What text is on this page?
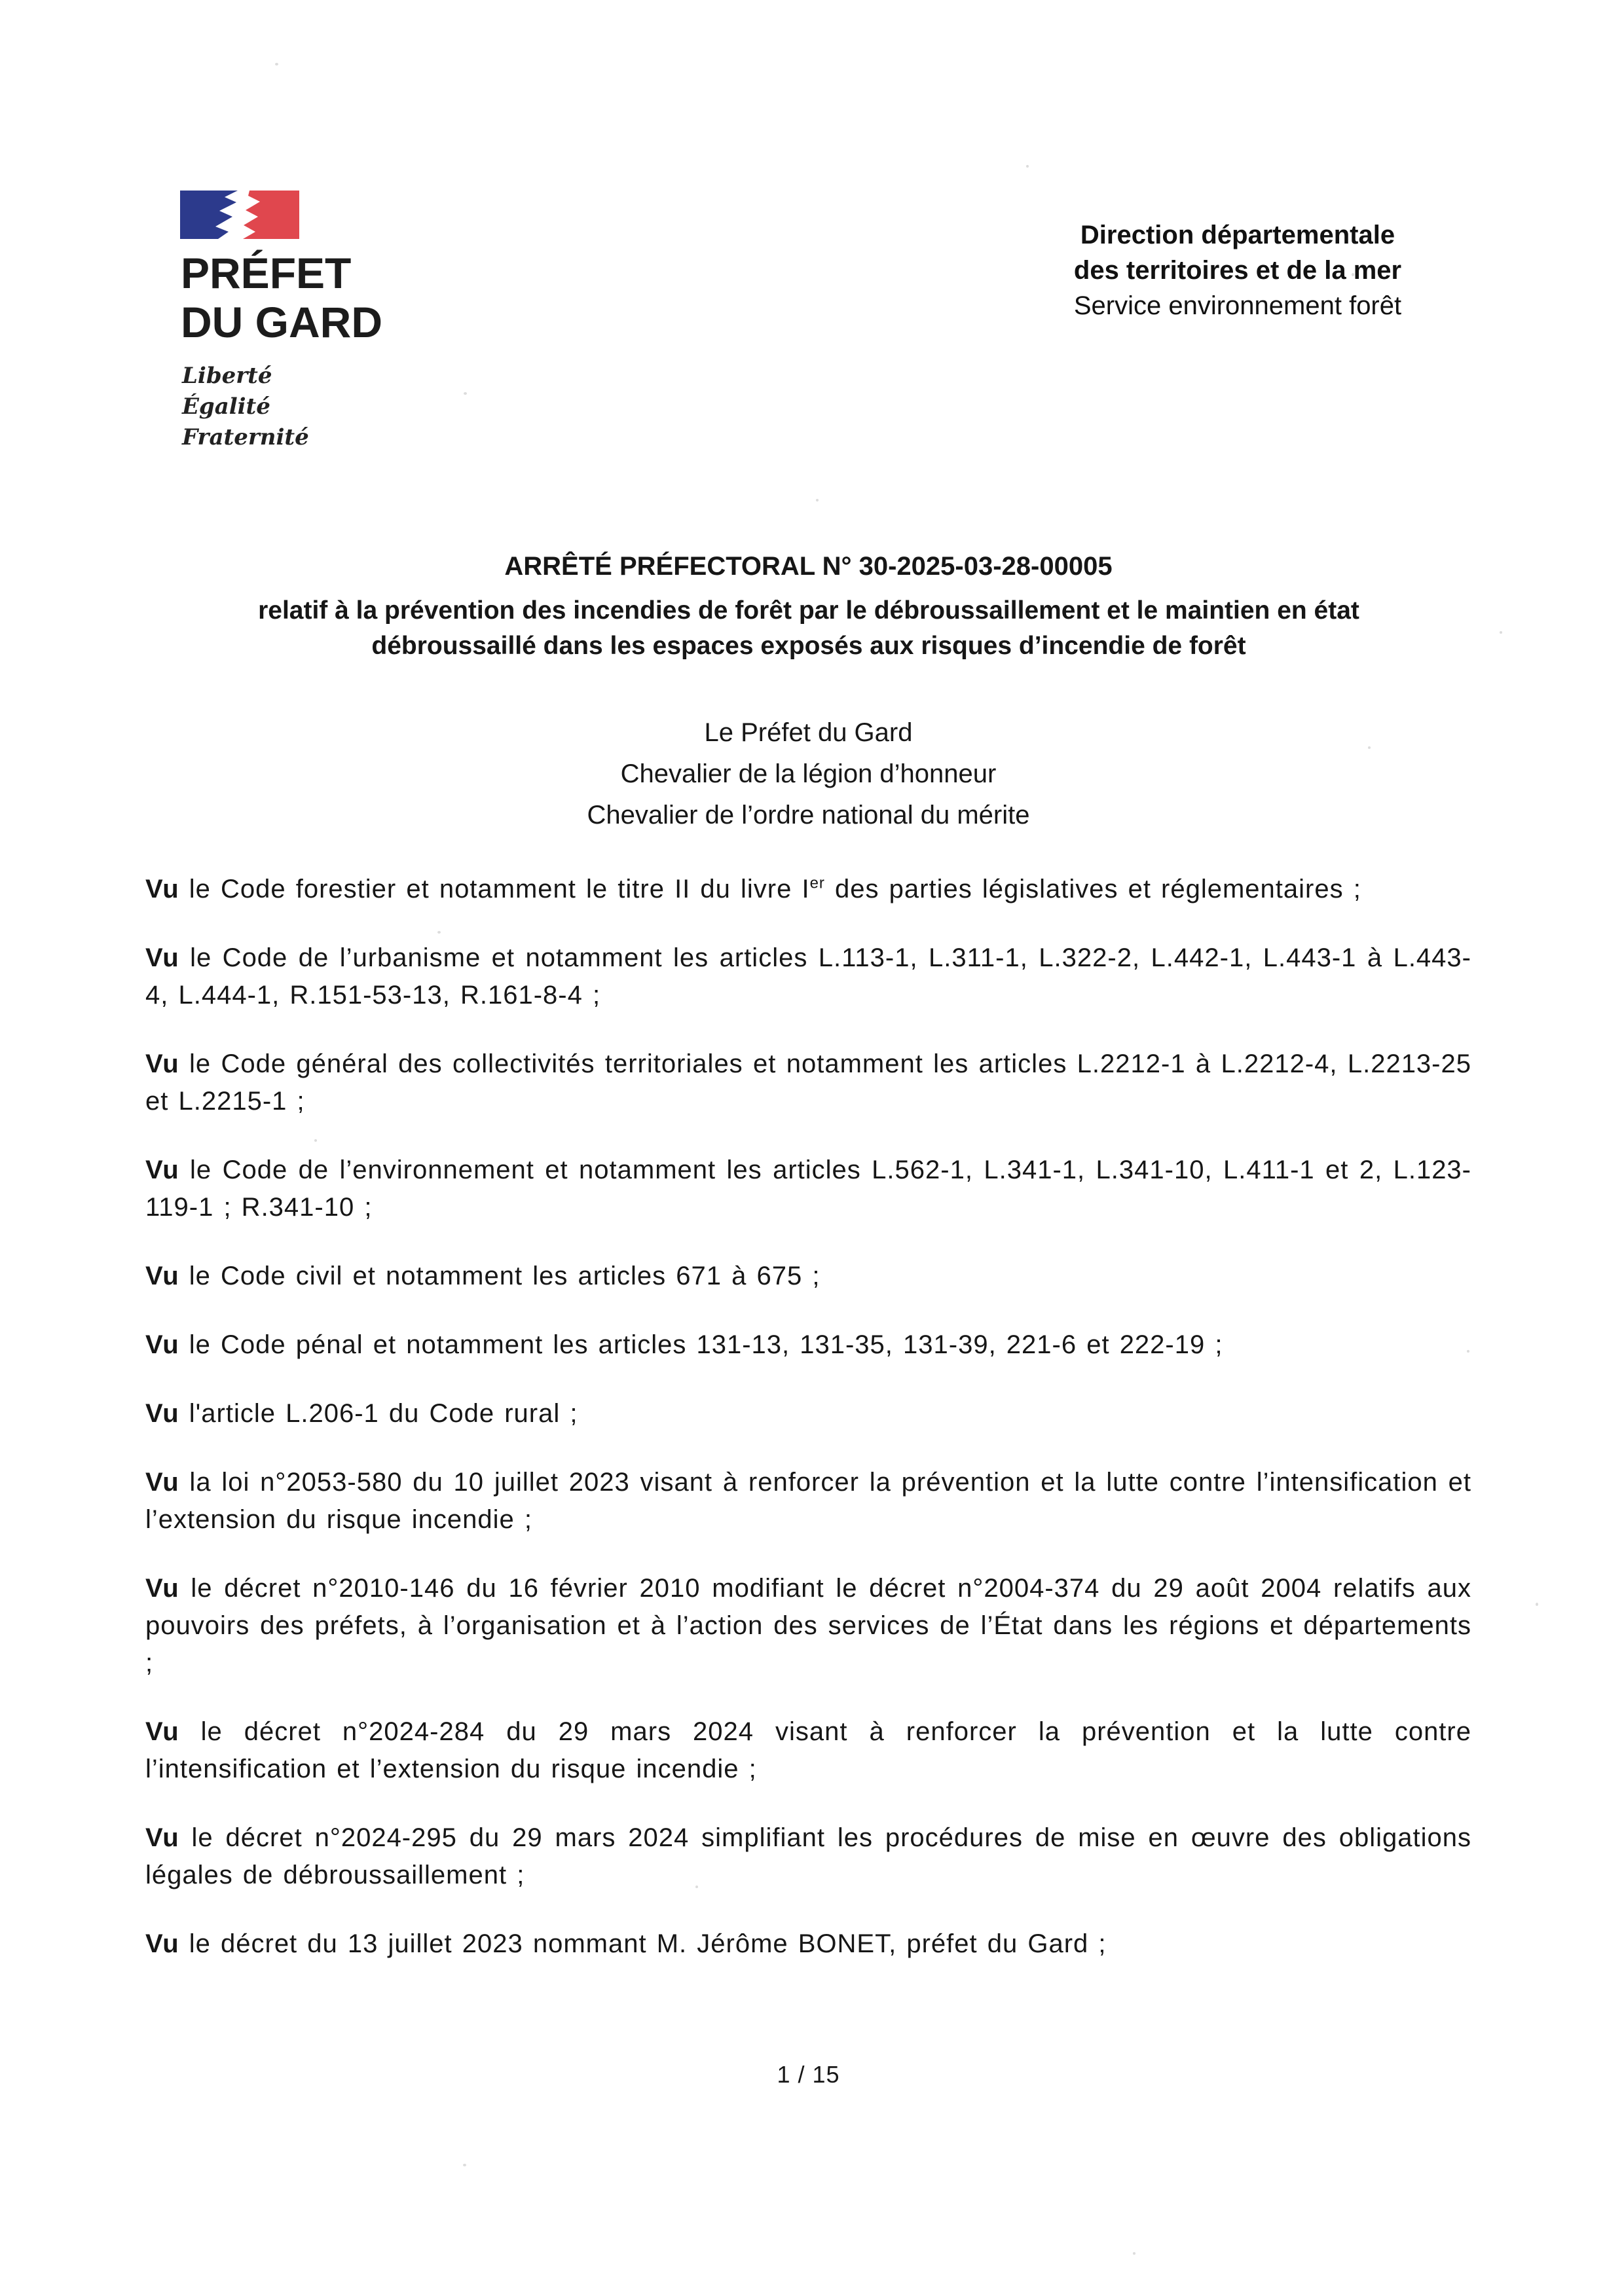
PRÉFET
DU GARD
Liberté
Égalité
Fraternité
Direction départementale
des territoires et de la mer
Service environnement forêt
ARRÊTÉ PRÉFECTORAL N° 30-2025-03-28-00005
relatif à la prévention des incendies de forêt par le débroussaillement et le maintien en état
débroussaillé dans les espaces exposés aux risques d’incendie de forêt
Le Préfet du Gard
Chevalier de la légion d’honneur
Chevalier de l’ordre national du mérite

Vu le Code forestier et notamment le titre II du livre Ier des parties législatives et réglementaires ;

Vu le Code de l’urbanisme et notamment les articles L.113-1, L.311-1, L.322-2, L.442-1, L.443-1 à L.443-4, L.444-1, R.151-53-13, R.161-8-4 ;

Vu le Code général des collectivités territoriales et notamment les articles L.2212-1 à L.2212-4, L.2213-25 et L.2215-1 ;

Vu le Code de l’environnement et notamment les articles L.562-1, L.341-1, L.341-10, L.411-1 et 2, L.123-119-1 ; R.341-10 ;

Vu le Code civil et notamment les articles 671 à 675 ;

Vu le Code pénal et notamment les articles 131-13, 131-35, 131-39, 221-6 et 222-19 ;

Vu l'article L.206-1 du Code rural ;

Vu la loi n°2053-580 du 10 juillet 2023 visant à renforcer la prévention et la lutte contre l’intensification et l’extension du risque incendie ;

Vu le décret n°2010-146 du 16 février 2010 modifiant le décret n°2004-374 du 29 août 2004 relatifs aux pouvoirs des préfets, à l’organisation et à l’action des services de l’État dans les régions et départements ;

Vu le décret n°2024-284 du 29 mars 2024 visant à renforcer la prévention et la lutte contre l’intensification et l’extension du risque incendie ;

Vu le décret n°2024-295 du 29 mars 2024 simplifiant les procédures de mise en œuvre des obligations légales de débroussaillement ;

Vu le décret du 13 juillet 2023 nommant M. Jérôme BONET, préfet du Gard ;

1 / 15
